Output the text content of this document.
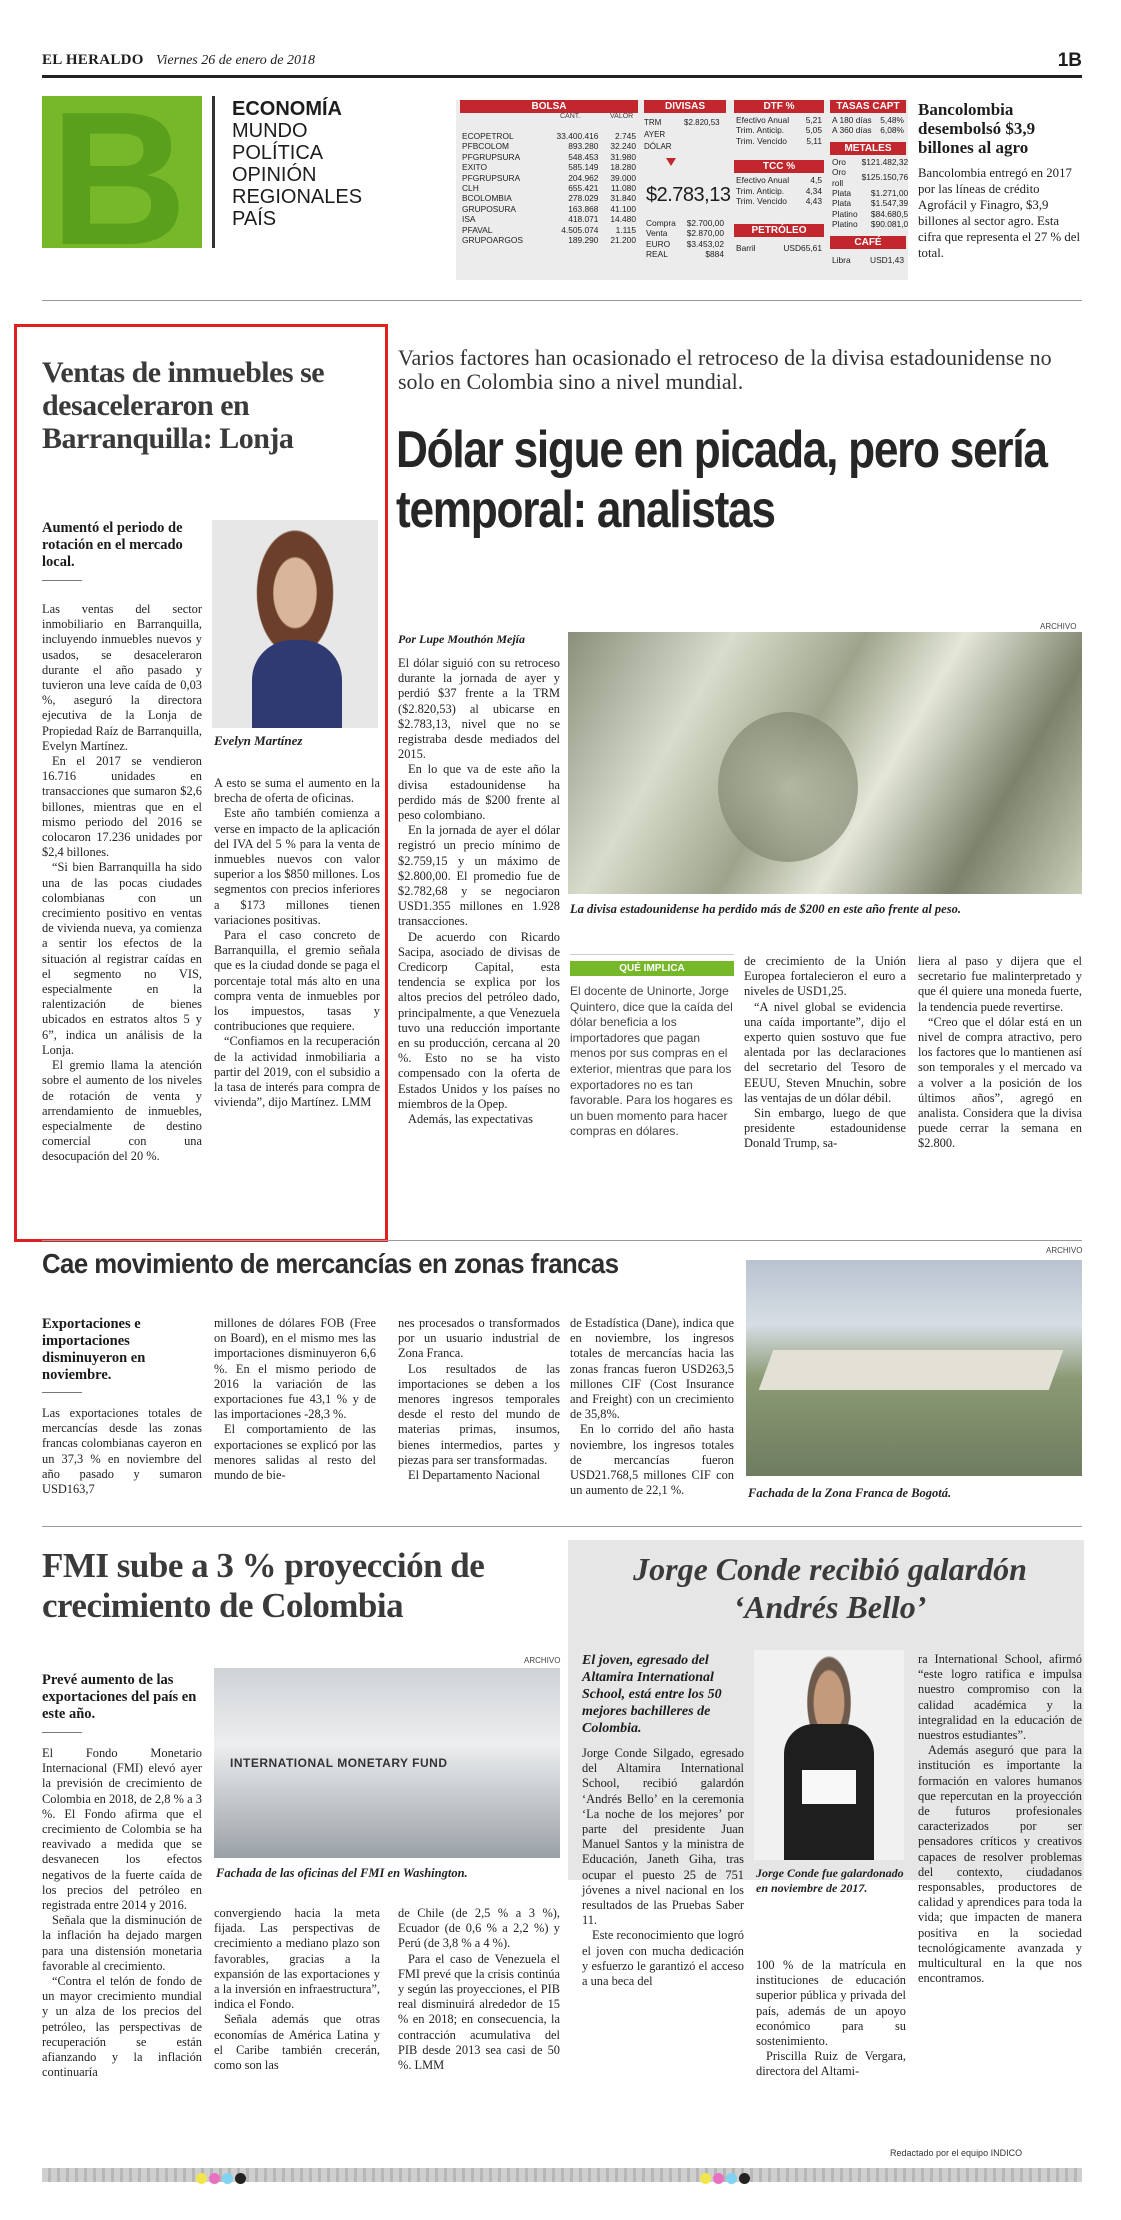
EL HERALDO Viernes 26 de enero de 2018	1B
B ECONOMÍA
MUNDO
POLÍTICA
OPINIÓN
REGIONALES
PAÍS
BOLSA
CANT.	VALOR
ECOPETROL	33.400.416	2.745
PFBCOLOM	893.280	32.240
PFGRUPSURA	548.453	31.980
EXITO	585.149	18.280
PFGRUPSURA	204.962	39.000
CLH	655.421	11.080
BCOLOMBIA	278.029	31.840
GRUPOSURA	163.868	41.100
ISA	418.071	14.480
PFAVAL	4.505.074	1.115
GRUPOARGOS	189.290	21.200
DIVISAS
TRM	$2.820,53
AYER
DÓLAR
$2.783,13
Compra	$2.700,00
Venta	$2.870,00
EURO	$3.453,02
REAL	$884
DTF %
Efectivo Anual	5,21
Trim. Anticip.	5,05
Trim. Vencido	5,11
TCC %
Efectivo Anual	4,5
Trim. Anticip.	4,34
Trim. Vencido	4,43
PETRÓLEO
Barril	USD65,61
TASAS CAPT
A 180 días	5,48%
A 360 días	6,08%
METALES
Oro	$121.482,32
Oro roll	$125.150,76
Plata	$1.271,00
Plata	$1.547,39
Platino	$84.680,5
Platino	$90.081,0
CAFÉ
Libra USD1,43
Bancolombia desembolsó $3,9 billones al agro
Bancolombia entregó en 2017 por las líneas de crédito Agrofácil y Finagro, $3,9 billones al sector agro. Esta cifra que representa el 27 % del total.
Ventas de inmuebles se desaceleraron en Barranquilla: Lonja
Aumentó el periodo de rotación en el mercado local.
Evelyn Martínez

Las ventas del sector inmobiliario en Barranquilla, incluyendo inmuebles nuevos y usados, se desaceleraron durante el año pasado y tuvieron una leve caída de 0,03 %, aseguró la directora ejecutiva de la Lonja de Propiedad Raíz de Barranquilla, Evelyn Martínez.

En el 2017 se vendieron 16.716 unidades en transacciones que sumaron $2,6 billones, mientras que en el mismo periodo del 2016 se colocaron 17.236 unidades por $2,4 billones.

“Si bien Barranquilla ha sido una de las pocas ciudades colombianas con un crecimiento positivo en ventas de vivienda nueva, ya comienza a sentir los efectos de la situación al registrar caídas en el segmento no VIS, especialmente en la ralentización de bienes ubicados en estratos altos 5 y 6”, indica un análisis de la Lonja.

El gremio llama la atención sobre el aumento de los niveles de rotación de venta y arrendamiento de inmuebles, especialmente de destino comercial con una desocupación del 20 %.

A esto se suma el aumento en la brecha de oferta de oficinas.

Este año también comienza a verse en impacto de la aplicación del IVA del 5 % para la venta de inmuebles nuevos con valor superior a los $850 millones. Los segmentos con precios inferiores a $173 millones tienen variaciones positivas.

Para el caso concreto de Barranquilla, el gremio señala que es la ciudad donde se paga el porcentaje total más alto en una compra venta de inmuebles por los impuestos, tasas y contribuciones que requiere.

“Confiamos en la recuperación de la actividad inmobiliaria a partir del 2019, con el subsidio a la tasa de interés para compra de vivienda”, dijo Martínez. LMM

Varios factores han ocasionado el retroceso de la divisa estadounidense no solo en Colombia sino a nivel mundial.
Dólar sigue en picada, pero sería temporal: analistas
Por Lupe Mouthón Mejía
ARCHIVO
La divisa estadounidense ha perdido más de $200 en este año frente al peso.

El dólar siguió con su retroceso durante la jornada de ayer y perdió $37 frente a la TRM ($2.820,53) al ubicarse en $2.783,13, nivel que no se registraba desde mediados del 2015.

En lo que va de este año la divisa estadounidense ha perdido más de $200 frente al peso colombiano.

En la jornada de ayer el dólar registró un precio mínimo de $2.759,15 y un máximo de $2.800,00. El promedio fue de $2.782,68 y se negociaron USD1.355 millones en 1.928 transacciones.

De acuerdo con Ricardo Sacipa, asociado de divisas de Credicorp Capital, esta tendencia se explica por los altos precios del petróleo dado, principalmente, a que Venezuela tuvo una reducción importante en su producción, cercana al 20 %. Esto no se ha visto compensado con la oferta de Estados Unidos y los países no miembros de la Opep.

Además, las expectativas

QUÉ IMPLICA
El docente de Uninorte, Jorge Quintero, dice que la caída del dólar beneficia a los importadores que pagan menos por sus compras en el exterior, mientras que para los exportadores no es tan favorable. Para los hogares es un buen momento para hacer compras en dólares.

de crecimiento de la Unión Europea fortalecieron el euro a niveles de USD1,25.

“A nivel global se evidencia una caída importante”, dijo el experto quien sostuvo que fue alentada por las declaraciones del secretario del Tesoro de EEUU, Steven Mnuchin, sobre las ventajas de un dólar débil.

Sin embargo, luego de que presidente estadounidense Donald Trump, sa-

liera al paso y dijera que el secretario fue malinterpretado y que él quiere una moneda fuerte, la tendencia puede revertirse.

“Creo que el dólar está en un nivel de compra atractivo, pero los factores que lo mantienen así son temporales y el mercado va a volver a la posición de los últimos años”, agregó en analista. Considera que la divisa puede cerrar la semana en $2.800.

Cae movimiento de mercancías en zonas francas	ARCHIVO
Exportaciones e importaciones disminuyeron en noviembre.

Las exportaciones totales de mercancías desde las zonas francas colombianas cayeron en un 37,3 % en noviembre del año pasado y sumaron USD163,7

millones de dólares FOB (Free on Board), en el mismo mes las importaciones disminuyeron 6,6 %. En el mismo periodo de 2016 la variación de las exportaciones fue 43,1 % y de las importaciones -28,3 %.

El comportamiento de las exportaciones se explicó por las menores salidas al resto del mundo de bie-

nes procesados o transformados por un usuario industrial de Zona Franca.

Los resultados de las importaciones se deben a los menores ingresos temporales desde el resto del mundo de materias primas, insumos, bienes intermedios, partes y piezas para ser transformadas.

El Departamento Nacional

de Estadística (Dane), indica que en noviembre, los ingresos totales de mercancías hacia las zonas francas fueron USD263,5 millones CIF (Cost Insurance and Freight) con un crecimiento de 35,8%.

En lo corrido del año hasta noviembre, los ingresos totales de mercancías fueron USD21.768,5 millones CIF con un aumento de 22,1 %.	Fachada de la Zona Franca de Bogotá.
FMI sube a 3 % proyección de crecimiento de Colombia
Prevé aumento de las exportaciones del país en este año.
ARCHIVO
INTERNATIONAL MONETARY FUND
Fachada de las oficinas del FMI en Washington.

El Fondo Monetario Internacional (FMI) elevó ayer la previsión de crecimiento de Colombia en 2018, de 2,8 % a 3 %. El Fondo afirma que el crecimiento de Colombia se ha reavivado a medida que se desvanecen los efectos negativos de la fuerte caída de los precios del petróleo en registrada entre 2014 y 2016.

Señala que la disminución de la inflación ha dejado margen para una distensión monetaria favorable al crecimiento.

“Contra el telón de fondo de un mayor crecimiento mundial y un alza de los precios del petróleo, las perspectivas de recuperación se están afianzando y la inflación continuaría

convergiendo hacia la meta fijada. Las perspectivas de crecimiento a mediano plazo son favorables, gracias a la expansión de las exportaciones y a la inversión en infraestructura”, indica el Fondo.

Señala además que otras economías de América Latina y el Caribe también crecerán, como son las

de Chile (de 2,5 % a 3 %), Ecuador (de 0,6 % a 2,2 %) y Perú (de 3,8 % a 4 %).

Para el caso de Venezuela el FMI prevé que la crisis continúa y según las proyecciones, el PIB real disminuirá alrededor de 15 % en 2018; en consecuencia, la contracción acumulativa del PIB desde 2013 sea casi de 50 %. LMM

Jorge Conde recibió galardón ‘Andrés Bello’
El joven, egresado del Altamira International School, está entre los 50 mejores bachilleres de Colombia.
Jorge Conde fue galardonado en noviembre de 2017.

Jorge Conde Silgado, egresado del Altamira International School, recibió galardón ‘Andrés Bello’ en la ceremonia ‘La noche de los mejores’ por parte del presidente Juan Manuel Santos y la ministra de Educación, Janeth Giha, tras ocupar el puesto 25 de 751 jóvenes a nivel nacional en los resultados de las Pruebas Saber 11.

Este reconocimiento que logró el joven con mucha dedicación y esfuerzo le garantizó el acceso a una beca del

100 % de la matrícula en instituciones de educación superior pública y privada del país, además de un apoyo económico para su sostenimiento.

Priscilla Ruiz de Vergara, directora del Altami-

ra International School, afirmó “este logro ratifica e impulsa nuestro compromiso con la calidad académica y la integralidad en la educación de nuestros estudiantes”.

Además aseguró que para la institución es importante la formación en valores humanos que repercutan en la proyección de futuros profesionales caracterizados por ser pensadores críticos y creativos capaces de resolver problemas del contexto, ciudadanos responsables, productores de calidad y aprendices para toda la vida; que impacten de manera positiva en la sociedad tecnológicamente avanzada y multicultural en la que nos encontramos.

Redactado por el equipo INDICO
